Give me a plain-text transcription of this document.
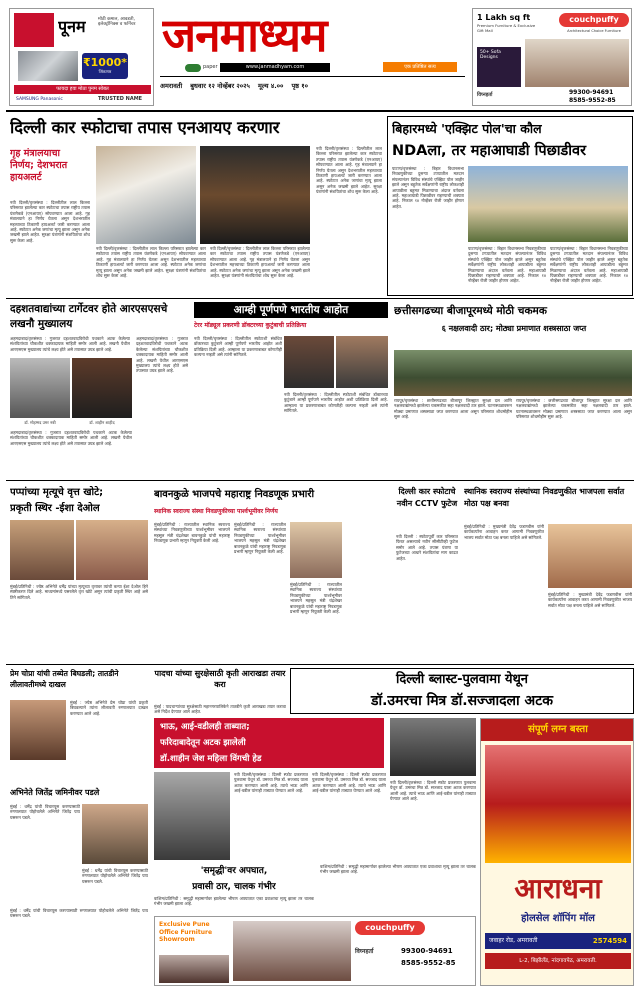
पूनम	मोठी कमाल, आवडती, इलेक्ट्रॉनिक्स व फर्निचर
₹1000*
जिंकणार
फायदा हवा मोठा पुनम सोबत
SAMSUNG Panasonic	TRUSTED NAME
जनमाध्यम
paper	www.janmadhyam.com	एक प्रतिष्ठित सत्य
1 Lakh sq ft
Premium Furniture & Exclusive Gift Mall
couchpuffy
Architectural Choice Furniture
50+ Sofa Designs
विघ्नहर्ता	99300-94691
8585-9552-85
अमरावती बुधवार १२ नोव्हेंबर २०२५ मूल्य ४.०० पृष्ठ १०
दिल्ली कार स्फोटाचा तपास एनआयए करणार
गृह मंत्रालयाचा निर्णय; देशभरात हायअलर्ट
नवी दिल्ली/वृत्तसंस्था : दिल्लीतील लाल किल्ला परिसरात झालेल्या कार स्फोटाचा तपास राष्ट्रीय तपास यंत्रणेकडे (एनआयए) सोपवण्यात आला आहे. गृह मंत्रालयाने हा निर्णय घेतला असून देशभरातील महत्त्वाच्या ठिकाणी हायअलर्ट जारी करण्यात आला आहे. स्फोटात अनेक जणांचा मृत्यू झाला असून अनेक जखमी झाले आहेत. सुरक्षा यंत्रणांनी संशयितांचा शोध सुरू केला आहे.
नवी दिल्ली/वृत्तसंस्था : दिल्लीतील लाल किल्ला परिसरात झालेल्या कार स्फोटाचा तपास राष्ट्रीय तपास यंत्रणेकडे (एनआयए) सोपवण्यात आला आहे. गृह मंत्रालयाने हा निर्णय घेतला असून देशभरातील महत्त्वाच्या ठिकाणी हायअलर्ट जारी करण्यात आला आहे. स्फोटात अनेक जणांचा मृत्यू झाला असून अनेक जखमी झाले आहेत. सुरक्षा यंत्रणांनी संशयितांचा शोध सुरू केला आहे.
नवी दिल्ली/वृत्तसंस्था : दिल्लीतील लाल किल्ला परिसरात झालेल्या कार स्फोटाचा तपास राष्ट्रीय तपास यंत्रणेकडे (एनआयए) सोपवण्यात आला आहे. गृह मंत्रालयाने हा निर्णय घेतला असून देशभरातील महत्त्वाच्या ठिकाणी हायअलर्ट जारी करण्यात आला आहे. स्फोटात अनेक जणांचा मृत्यू झाला असून अनेक जखमी झाले आहेत. सुरक्षा यंत्रणांनी संशयितांचा शोध सुरू केला आहे.
नवी दिल्ली/वृत्तसंस्था : दिल्लीतील लाल किल्ला परिसरात झालेल्या कार स्फोटाचा तपास राष्ट्रीय तपास यंत्रणेकडे (एनआयए) सोपवण्यात आला आहे. गृह मंत्रालयाने हा निर्णय घेतला असून देशभरातील महत्त्वाच्या ठिकाणी हायअलर्ट जारी करण्यात आला आहे. स्फोटात अनेक जणांचा मृत्यू झाला असून अनेक जखमी झाले आहेत. सुरक्षा यंत्रणांनी संशयितांचा शोध सुरू केला आहे.
बिहारमध्ये 'एक्झिट पोल'चा कौल
NDAला, तर महाआघाडी पिछाडीवर
पाटणा/वृत्तसंस्था : बिहार विधानसभा निवडणुकीच्या दुसऱ्या टप्प्यातील मतदान संपल्यानंतर विविध संस्थांचे एक्झिट पोल जाहीर झाले असून बहुतेक सर्वेक्षणांनी राष्ट्रीय लोकशाही आघाडीला बहुमत मिळण्याचा अंदाज वर्तवला आहे. महाआघाडी पिछाडीवर राहण्याची शक्यता आहे. निकाल १४ नोव्हेंबर रोजी जाहीर होणार आहेत.
पाटणा/वृत्तसंस्था : बिहार विधानसभा निवडणुकीच्या दुसऱ्या टप्प्यातील मतदान संपल्यानंतर विविध संस्थांचे एक्झिट पोल जाहीर झाले असून बहुतेक सर्वेक्षणांनी राष्ट्रीय लोकशाही आघाडीला बहुमत मिळण्याचा अंदाज वर्तवला आहे. महाआघाडी पिछाडीवर राहण्याची शक्यता आहे. निकाल १४ नोव्हेंबर रोजी जाहीर होणार आहेत.
पाटणा/वृत्तसंस्था : बिहार विधानसभा निवडणुकीच्या दुसऱ्या टप्प्यातील मतदान संपल्यानंतर विविध संस्थांचे एक्झिट पोल जाहीर झाले असून बहुतेक सर्वेक्षणांनी राष्ट्रीय लोकशाही आघाडीला बहुमत मिळण्याचा अंदाज वर्तवला आहे. महाआघाडी पिछाडीवर राहण्याची शक्यता आहे. निकाल १४ नोव्हेंबर रोजी जाहीर होणार आहेत.
दहशतवाद्यांच्या टार्गेटवर होते आरएसएसचे लखनौ मुख्यालय
अहमदाबाद/वृत्तसंस्था : गुजरात दहशतवादविरोधी पथकाने अटक केलेल्या संशयितांच्या चौकशीत धक्कादायक माहिती समोर आली आहे. लखनौ येथील आरएसएस मुख्यालय त्यांचे लक्ष्य होते असे तपासात उघड झाले आहे.
डॉ. मोहम्मद उमर नबी	डॉ. शाहीन शाहीद
अहमदाबाद/वृत्तसंस्था : गुजरात दहशतवादविरोधी पथकाने अटक केलेल्या संशयितांच्या चौकशीत धक्कादायक माहिती समोर आली आहे. लखनौ येथील आरएसएस मुख्यालय त्यांचे लक्ष्य होते असे तपासात उघड झाले आहे.
अहमदाबाद/वृत्तसंस्था : गुजरात दहशतवादविरोधी पथकाने अटक केलेल्या संशयितांच्या चौकशीत धक्कादायक माहिती समोर आली आहे. लखनौ येथील आरएसएस मुख्यालय त्यांचे लक्ष्य होते असे तपासात उघड झाले आहे.
आम्ही पूर्णपणे भारतीय आहोत
टेरर मॉड्यूल प्रकरणी डॉक्टरच्या कुटुंबाची प्रतिक्रिया
नवी दिल्ली/वृत्तसंस्था : दिल्लीतील स्फोटाशी संबंधित डॉक्टरच्या कुटुंबाने आम्ही पूर्णपणे भारतीय आहोत अशी प्रतिक्रिया दिली आहे. आम्हाला या प्रकरणाबाबत कोणतीही कल्पना नव्हती असे त्यांनी सांगितले.
नवी दिल्ली/वृत्तसंस्था : दिल्लीतील स्फोटाशी संबंधित डॉक्टरच्या कुटुंबाने आम्ही पूर्णपणे भारतीय आहोत अशी प्रतिक्रिया दिली आहे. आम्हाला या प्रकरणाबाबत कोणतीही कल्पना नव्हती असे त्यांनी सांगितले.
छत्तीसगढच्या बीजापूरमध्ये मोठी चकमक
६ नक्षलवादी ठार; मोठ्या प्रमाणात शस्त्रसाठा जप्त
रायपूर/वृत्तसंस्था : छत्तीसगढच्या बीजापूर जिल्ह्यात सुरक्षा दल आणि नक्षलवाद्यांमध्ये झालेल्या चकमकीत सहा नक्षलवादी ठार झाले. घटनास्थळावरून मोठ्या प्रमाणात शस्त्रसाठा जप्त करण्यात आला असून परिसरात शोधमोहीम सुरू आहे.
रायपूर/वृत्तसंस्था : छत्तीसगढच्या बीजापूर जिल्ह्यात सुरक्षा दल आणि नक्षलवाद्यांमध्ये झालेल्या चकमकीत सहा नक्षलवादी ठार झाले. घटनास्थळावरून मोठ्या प्रमाणात शस्त्रसाठा जप्त करण्यात आला असून परिसरात शोधमोहीम सुरू आहे.
पप्पांच्या मृत्यूचे वृत्त खोटे;
प्रकृती स्थिर -ईशा देओल
मुंबई/प्रतिनिधी : ज्येष्ठ अभिनेते धर्मेंद्र यांच्या मृत्यूच्या वृत्तावर त्यांची कन्या ईशा देओल हिने स्पष्टीकरण दिले आहे. माध्यमांमध्ये पसरलेले वृत्त खोटे असून त्यांची प्रकृती स्थिर आहे असे तिने सांगितले.
बावनकुळे भाजपचे महाराष्ट्र निवडणूक प्रभारी
स्थानिक स्वराज्य संस्था निवडणुकीच्या पार्श्वभूमीवर निर्णय
मुंबई/प्रतिनिधी : राज्यातील स्थानिक स्वराज्य संस्थांच्या निवडणुकीच्या पार्श्वभूमीवर भाजपने महसूल मंत्री चंद्रशेखर बावनकुळे यांची महाराष्ट्र निवडणूक प्रभारी म्हणून नियुक्ती केली आहे.
मुंबई/प्रतिनिधी : राज्यातील स्थानिक स्वराज्य संस्थांच्या निवडणुकीच्या पार्श्वभूमीवर भाजपने महसूल मंत्री चंद्रशेखर बावनकुळे यांची महाराष्ट्र निवडणूक प्रभारी म्हणून नियुक्ती केली आहे.
मुंबई/प्रतिनिधी : राज्यातील स्थानिक स्वराज्य संस्थांच्या निवडणुकीच्या पार्श्वभूमीवर भाजपने महसूल मंत्री चंद्रशेखर बावनकुळे यांची महाराष्ट्र निवडणूक प्रभारी म्हणून नियुक्ती केली आहे.
दिल्ली कार स्फोटाचे नवीन CCTV फुटेज
नवी दिल्ली : स्फोटापूर्वी कार परिसरात फिरत असल्याचे नवीन सीसीटीव्ही फुटेज समोर आले आहे. तपास यंत्रणा या फुटेजच्या आधारे संशयितांचा माग काढत आहेत.
स्थानिक स्वराज्य संस्थांच्या निवडणुकीत भाजपला सर्वात मोठा पक्ष बनवा
मुंबई/प्रतिनिधी : मुख्यमंत्री देवेंद्र फडणवीस यांनी कार्यकर्त्यांना आवाहन करत आगामी निवडणुकीत भाजप सर्वात मोठा पक्ष बनला पाहिजे असे सांगितले.
मुंबई/प्रतिनिधी : मुख्यमंत्री देवेंद्र फडणवीस यांनी कार्यकर्त्यांना आवाहन करत आगामी निवडणुकीत भाजप सर्वात मोठा पक्ष बनला पाहिजे असे सांगितले.
पादचा यांच्या सुरक्षेसाठी कृती आराखडा तयार करा
मुंबई : पादचाऱ्यांच्या सुरक्षेसाठी महानगरपालिकेने तातडीने कृती आराखडा तयार करावा असे निर्देश देण्यात आले आहेत.
प्रेम चोप्रा यांची तब्येत बिघडली; तातडीने लीलावतीमध्ये दाखल
मुंबई : ज्येष्ठ अभिनेते प्रेम चोप्रा यांची प्रकृती बिघडल्याने त्यांना लीलावती रुग्णालयात दाखल करण्यात आले आहे.
अभिनेते जितेंद्र जमिनीवर पडले
मुंबई : धर्मेंद्र यांची विचारपूस करण्यासाठी रुग्णालयात पोहोचलेले अभिनेते जितेंद्र पाय घसरून पडले.
मुंबई : धर्मेंद्र यांची विचारपूस करण्यासाठी रुग्णालयात पोहोचलेले अभिनेते जितेंद्र पाय घसरून पडले.
दिल्ली ब्लास्ट-पुलवामा येथून
डॉ.उमरचा मित्र डॉ.सज्जादला अटक
भाऊ, आई-वडीलही ताब्यात;
फरिदाबादेतून अटक झालेली
डॉ.शाहीन जेश महिला विंगची हेड
नवी दिल्ली/वृत्तसंस्था : दिल्ली स्फोट प्रकरणात पुलवामा येथून डॉ. उमरचा मित्र डॉ. सज्जाद याला अटक करण्यात आली आहे. त्याचे भाऊ आणि आई-वडील यांनाही ताब्यात घेण्यात आले आहे.
नवी दिल्ली/वृत्तसंस्था : दिल्ली स्फोट प्रकरणात पुलवामा येथून डॉ. उमरचा मित्र डॉ. सज्जाद याला अटक करण्यात आली आहे. त्याचे भाऊ आणि आई-वडील यांनाही ताब्यात घेण्यात आले आहे.
नवी दिल्ली/वृत्तसंस्था : दिल्ली स्फोट प्रकरणात पुलवामा येथून डॉ. उमरचा मित्र डॉ. सज्जाद याला अटक करण्यात आली आहे. त्याचे भाऊ आणि आई-वडील यांनाही ताब्यात घेण्यात आले आहे.
संपूर्ण लग्न बस्ता
आराधना
होलसेल शॉपिंग मॉल
जवाहर रोड, अमरावती	2574594
L-2, बिझीलँड, नांदगावपेठ, अमरावती.
'समृद्धी'वर अपघात,
प्रवासी ठार, चालक गंभीर
वाशिम/प्रतिनिधी : समृद्धी महामार्गावर झालेल्या भीषण अपघातात एका प्रवाशाचा मृत्यू झाला तर चालक गंभीर जखमी झाला आहे.
वाशिम/प्रतिनिधी : समृद्धी महामार्गावर झालेल्या भीषण अपघातात एका प्रवाशाचा मृत्यू झाला तर चालक गंभीर जखमी झाला आहे.
Exclusive Pune Office Furniture Showroom
couchpuffy
विघ्नहर्ता	99300-94691
8585-9552-85
मुंबई : धर्मेंद्र यांची विचारपूस करण्यासाठी रुग्णालयात पोहोचलेले अभिनेते जितेंद्र पाय घसरून पडले.
